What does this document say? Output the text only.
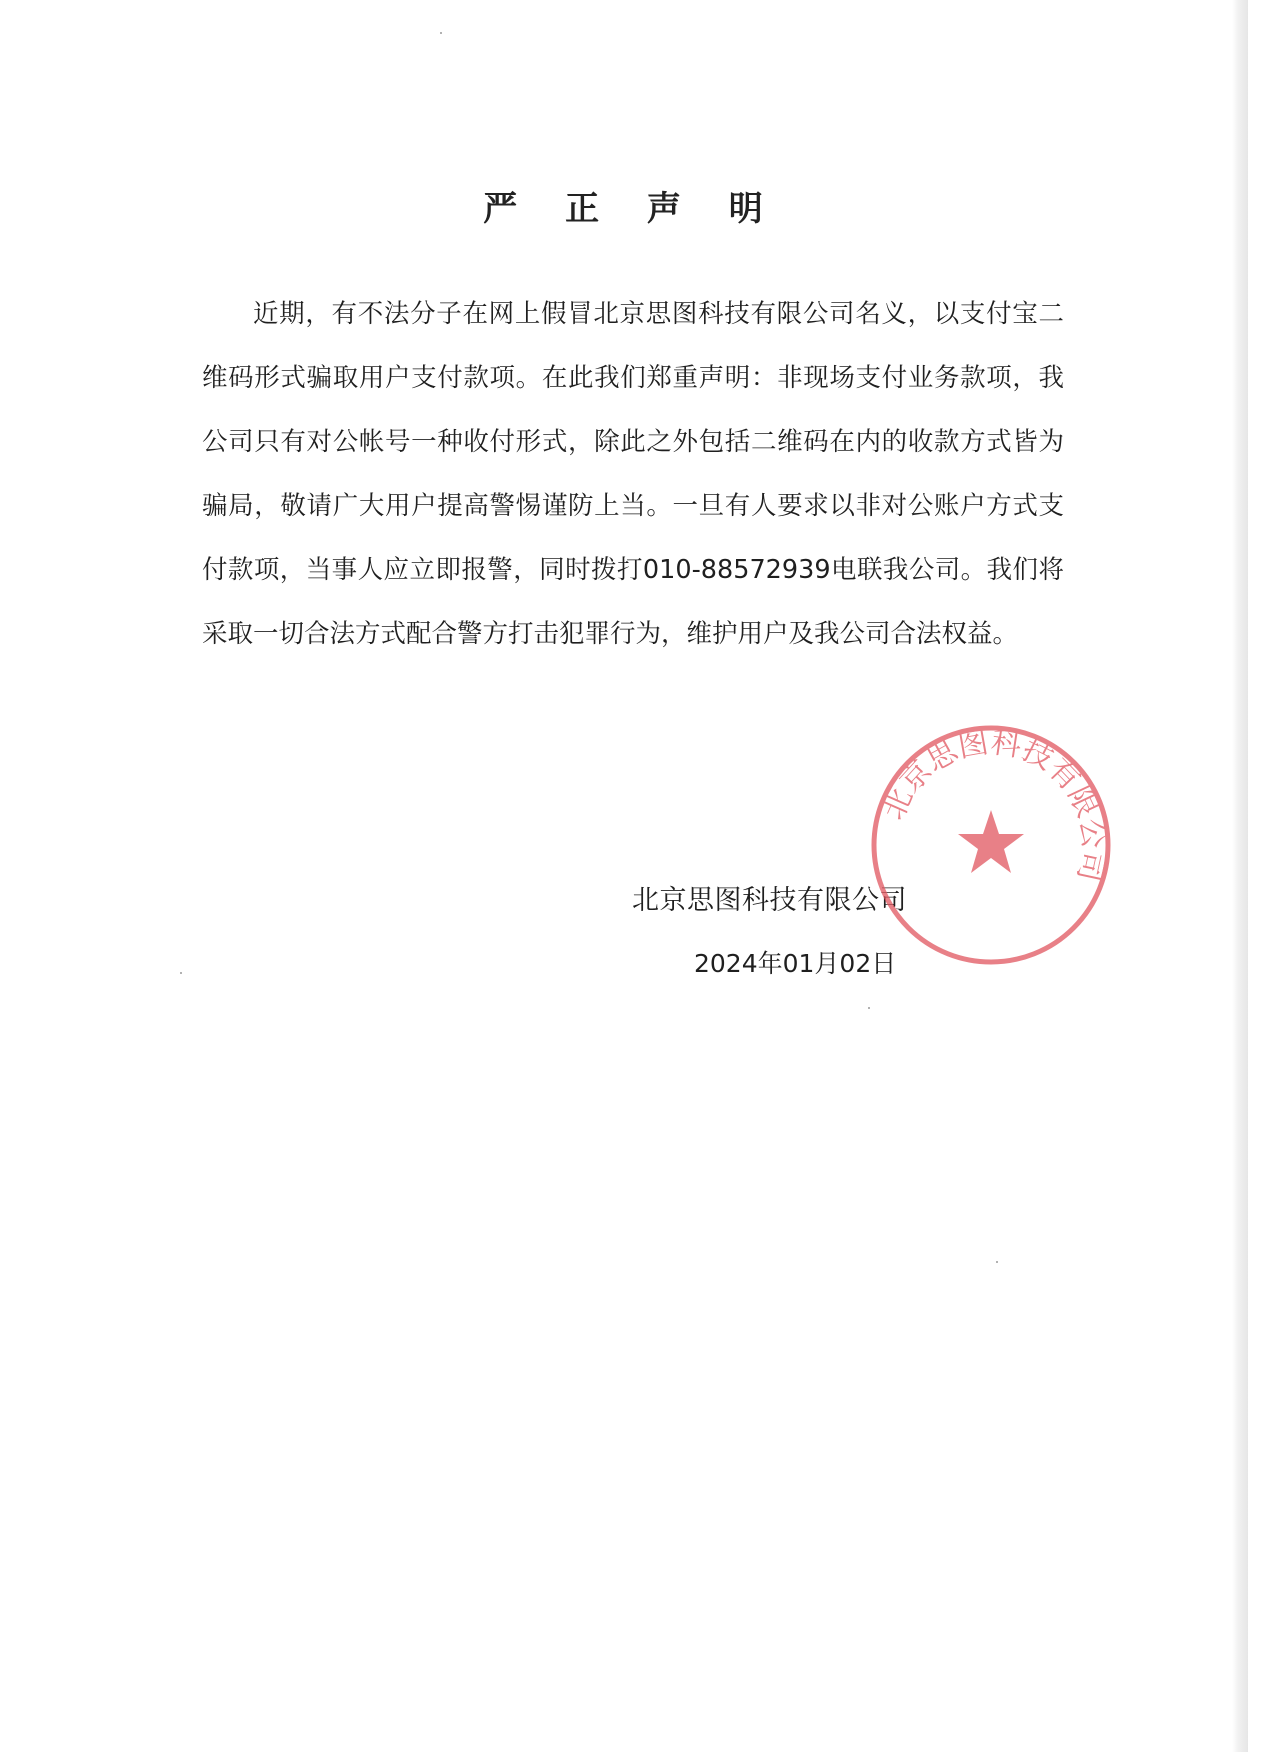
严 正 声 明

近期，有不法分子在网上假冒北京思图科技有限公司名义，以支付宝二维码形式骗取用户支付款项。在此我们郑重声明：非现场支付业务款项，我公司只有对公帐号一种收付形式，除此之外包括二维码在内的收款方式皆为骗局，敬请广大用户提高警惕谨防上当。一旦有人要求以非对公账户方式支付款项，当事人应立即报警，同时拨打010-88572939电联我公司。我们将采取一切合法方式配合警方打击犯罪行为，维护用户及我公司合法权益。

北京思图科技有限公司
2024年01月02日
北京思图科技有限公司
